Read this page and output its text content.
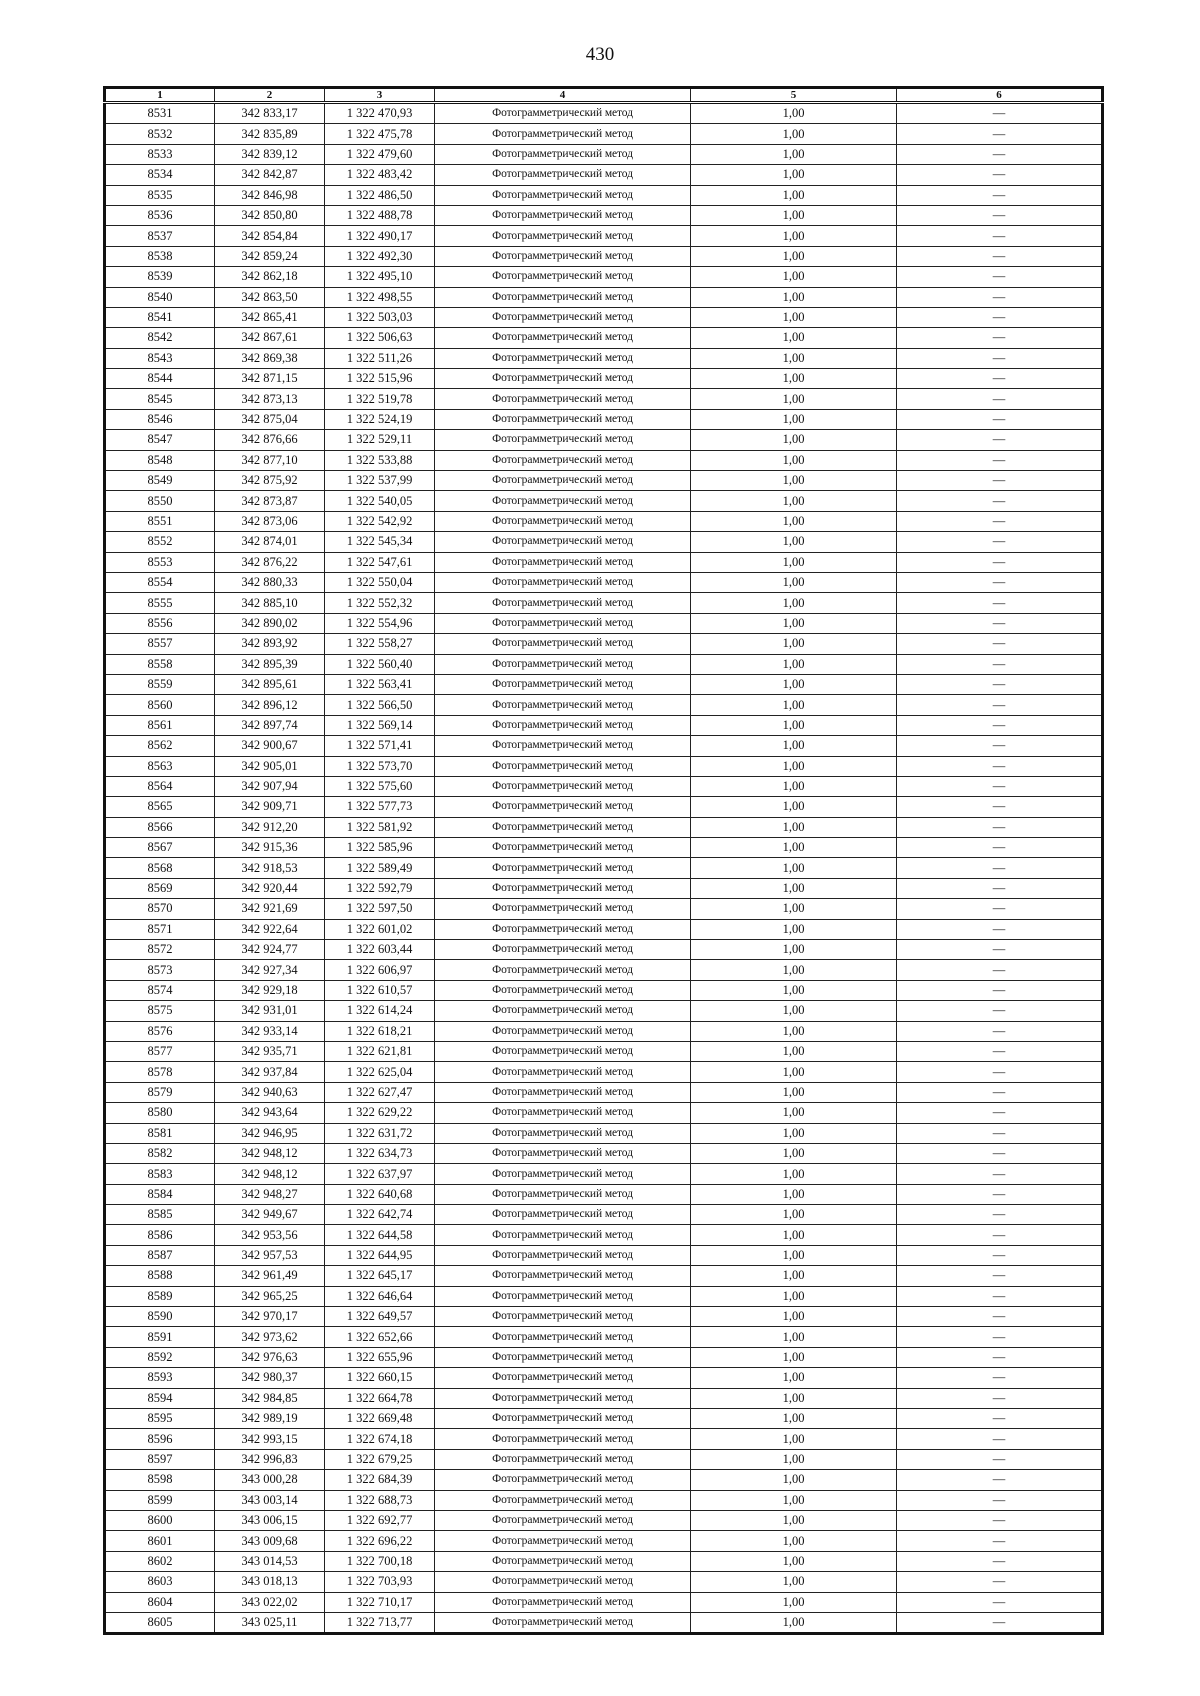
430
1	2	3	4	5	6
8531	342 833,17	1 322 470,93	Фотограмметрический метод	1,00	—
8532	342 835,89	1 322 475,78	Фотограмметрический метод	1,00	—
8533	342 839,12	1 322 479,60	Фотограмметрический метод	1,00	—
8534	342 842,87	1 322 483,42	Фотограмметрический метод	1,00	—
8535	342 846,98	1 322 486,50	Фотограмметрический метод	1,00	—
8536	342 850,80	1 322 488,78	Фотограмметрический метод	1,00	—
8537	342 854,84	1 322 490,17	Фотограмметрический метод	1,00	—
8538	342 859,24	1 322 492,30	Фотограмметрический метод	1,00	—
8539	342 862,18	1 322 495,10	Фотограмметрический метод	1,00	—
8540	342 863,50	1 322 498,55	Фотограмметрический метод	1,00	—
8541	342 865,41	1 322 503,03	Фотограмметрический метод	1,00	—
8542	342 867,61	1 322 506,63	Фотограмметрический метод	1,00	—
8543	342 869,38	1 322 511,26	Фотограмметрический метод	1,00	—
8544	342 871,15	1 322 515,96	Фотограмметрический метод	1,00	—
8545	342 873,13	1 322 519,78	Фотограмметрический метод	1,00	—
8546	342 875,04	1 322 524,19	Фотограмметрический метод	1,00	—
8547	342 876,66	1 322 529,11	Фотограмметрический метод	1,00	—
8548	342 877,10	1 322 533,88	Фотограмметрический метод	1,00	—
8549	342 875,92	1 322 537,99	Фотограмметрический метод	1,00	—
8550	342 873,87	1 322 540,05	Фотограмметрический метод	1,00	—
8551	342 873,06	1 322 542,92	Фотограмметрический метод	1,00	—
8552	342 874,01	1 322 545,34	Фотограмметрический метод	1,00	—
8553	342 876,22	1 322 547,61	Фотограмметрический метод	1,00	—
8554	342 880,33	1 322 550,04	Фотограмметрический метод	1,00	—
8555	342 885,10	1 322 552,32	Фотограмметрический метод	1,00	—
8556	342 890,02	1 322 554,96	Фотограмметрический метод	1,00	—
8557	342 893,92	1 322 558,27	Фотограмметрический метод	1,00	—
8558	342 895,39	1 322 560,40	Фотограмметрический метод	1,00	—
8559	342 895,61	1 322 563,41	Фотограмметрический метод	1,00	—
8560	342 896,12	1 322 566,50	Фотограмметрический метод	1,00	—
8561	342 897,74	1 322 569,14	Фотограмметрический метод	1,00	—
8562	342 900,67	1 322 571,41	Фотограмметрический метод	1,00	—
8563	342 905,01	1 322 573,70	Фотограмметрический метод	1,00	—
8564	342 907,94	1 322 575,60	Фотограмметрический метод	1,00	—
8565	342 909,71	1 322 577,73	Фотограмметрический метод	1,00	—
8566	342 912,20	1 322 581,92	Фотограмметрический метод	1,00	—
8567	342 915,36	1 322 585,96	Фотограмметрический метод	1,00	—
8568	342 918,53	1 322 589,49	Фотограмметрический метод	1,00	—
8569	342 920,44	1 322 592,79	Фотограмметрический метод	1,00	—
8570	342 921,69	1 322 597,50	Фотограмметрический метод	1,00	—
8571	342 922,64	1 322 601,02	Фотограмметрический метод	1,00	—
8572	342 924,77	1 322 603,44	Фотограмметрический метод	1,00	—
8573	342 927,34	1 322 606,97	Фотограмметрический метод	1,00	—
8574	342 929,18	1 322 610,57	Фотограмметрический метод	1,00	—
8575	342 931,01	1 322 614,24	Фотограмметрический метод	1,00	—
8576	342 933,14	1 322 618,21	Фотограмметрический метод	1,00	—
8577	342 935,71	1 322 621,81	Фотограмметрический метод	1,00	—
8578	342 937,84	1 322 625,04	Фотограмметрический метод	1,00	—
8579	342 940,63	1 322 627,47	Фотограмметрический метод	1,00	—
8580	342 943,64	1 322 629,22	Фотограмметрический метод	1,00	—
8581	342 946,95	1 322 631,72	Фотограмметрический метод	1,00	—
8582	342 948,12	1 322 634,73	Фотограмметрический метод	1,00	—
8583	342 948,12	1 322 637,97	Фотограмметрический метод	1,00	—
8584	342 948,27	1 322 640,68	Фотограмметрический метод	1,00	—
8585	342 949,67	1 322 642,74	Фотограмметрический метод	1,00	—
8586	342 953,56	1 322 644,58	Фотограмметрический метод	1,00	—
8587	342 957,53	1 322 644,95	Фотограмметрический метод	1,00	—
8588	342 961,49	1 322 645,17	Фотограмметрический метод	1,00	—
8589	342 965,25	1 322 646,64	Фотограмметрический метод	1,00	—
8590	342 970,17	1 322 649,57	Фотограмметрический метод	1,00	—
8591	342 973,62	1 322 652,66	Фотограмметрический метод	1,00	—
8592	342 976,63	1 322 655,96	Фотограмметрический метод	1,00	—
8593	342 980,37	1 322 660,15	Фотограмметрический метод	1,00	—
8594	342 984,85	1 322 664,78	Фотограмметрический метод	1,00	—
8595	342 989,19	1 322 669,48	Фотограмметрический метод	1,00	—
8596	342 993,15	1 322 674,18	Фотограмметрический метод	1,00	—
8597	342 996,83	1 322 679,25	Фотограмметрический метод	1,00	—
8598	343 000,28	1 322 684,39	Фотограмметрический метод	1,00	—
8599	343 003,14	1 322 688,73	Фотограмметрический метод	1,00	—
8600	343 006,15	1 322 692,77	Фотограмметрический метод	1,00	—
8601	343 009,68	1 322 696,22	Фотограмметрический метод	1,00	—
8602	343 014,53	1 322 700,18	Фотограмметрический метод	1,00	—
8603	343 018,13	1 322 703,93	Фотограмметрический метод	1,00	—
8604	343 022,02	1 322 710,17	Фотограмметрический метод	1,00	—
8605	343 025,11	1 322 713,77	Фотограмметрический метод	1,00	—
